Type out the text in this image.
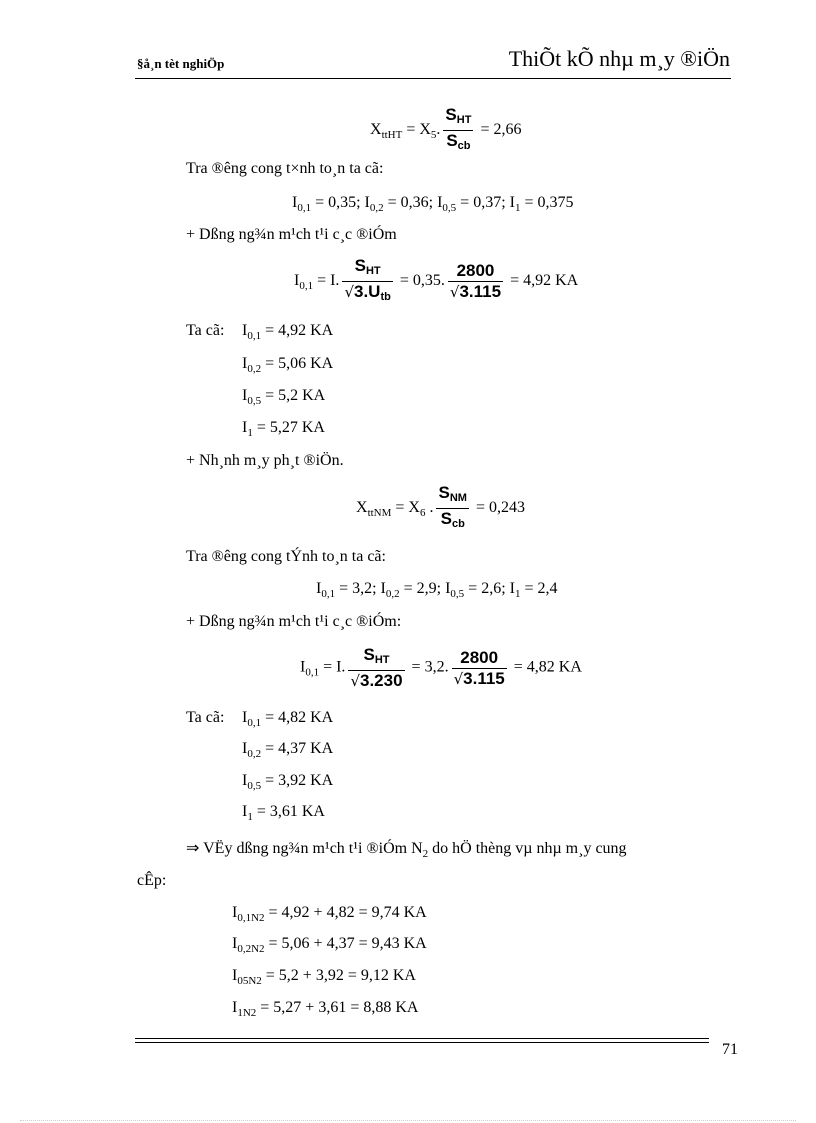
§å¸n tèt nghiÖp	ThiÕt kÕ nhµ m¸y ®iÖn
$X_{ttHT} = X_5$. $\frac{\text{SHT}}{\text{Scb}} = 2,66$
Tra ®êng cong t×nh to¸n ta cã:
$I_{0,1} = 0,35$; $I_{0,2} = 0,36$; $I_{0,5} = 0,37$; $I_1 = 0,375$
+ Dßng ng¾n m¹ch t¹i c¸c ®iÓm
$I_{0,1} = I$. $\frac{\text{SHT}}{\text{√3.Utb}} = 0,35$. $\frac{2800}{√3.115} = 4,92$ KA
Ta cã: $I_{0,1} = 4,92$ KA
$I_{0,2} = 5,06$ KA
$I_{0,5} = 5,2$ KA
$I_1 = 5,27$ KA
+ Nh¸nh m¸y ph¸t ®iÖn.
$X_{ttNM} = X_6$ . $\frac{\text{SNM}}{\text{Scb}} = 0,243$
Tra ®êng cong tÝnh to¸n ta cã:
$I_{0,1} = 3,2$; $I_{0,2} = 2,9$; $I_{0,5} = 2,6$; $I_1 = 2,4$
+ Dßng ng¾n m¹ch t¹i c¸c ®iÓm:
$I_{0,1} = I$. $\frac{\text{SHT}}{√3.230} = 3,2$. $\frac{2800}{√3.115} = 4,82$ KA
Ta cã: $I_{0,1} = 4,82$ KA
$I_{0,2} = 4,37$ KA
$I_{0,5} = 3,92$ KA
$I_1 = 3,61$ KA
⇒ VËy dßng ng¾n m¹ch t¹i ®iÓm $N_2$ do hÖ thèng vµ nhµ m¸y cung
cÊp:
$I_{0,1N2} = 4,92 + 4,82 = 9,74$ KA
$I_{0,2N2} = 5,06 + 4,37 = 9,43$ KA
$I_{05N2} = 5,2 + 3,92 = 9,12$ KA
$I_{1N2} = 5,27 + 3,61 = 8,88$ KA
71
